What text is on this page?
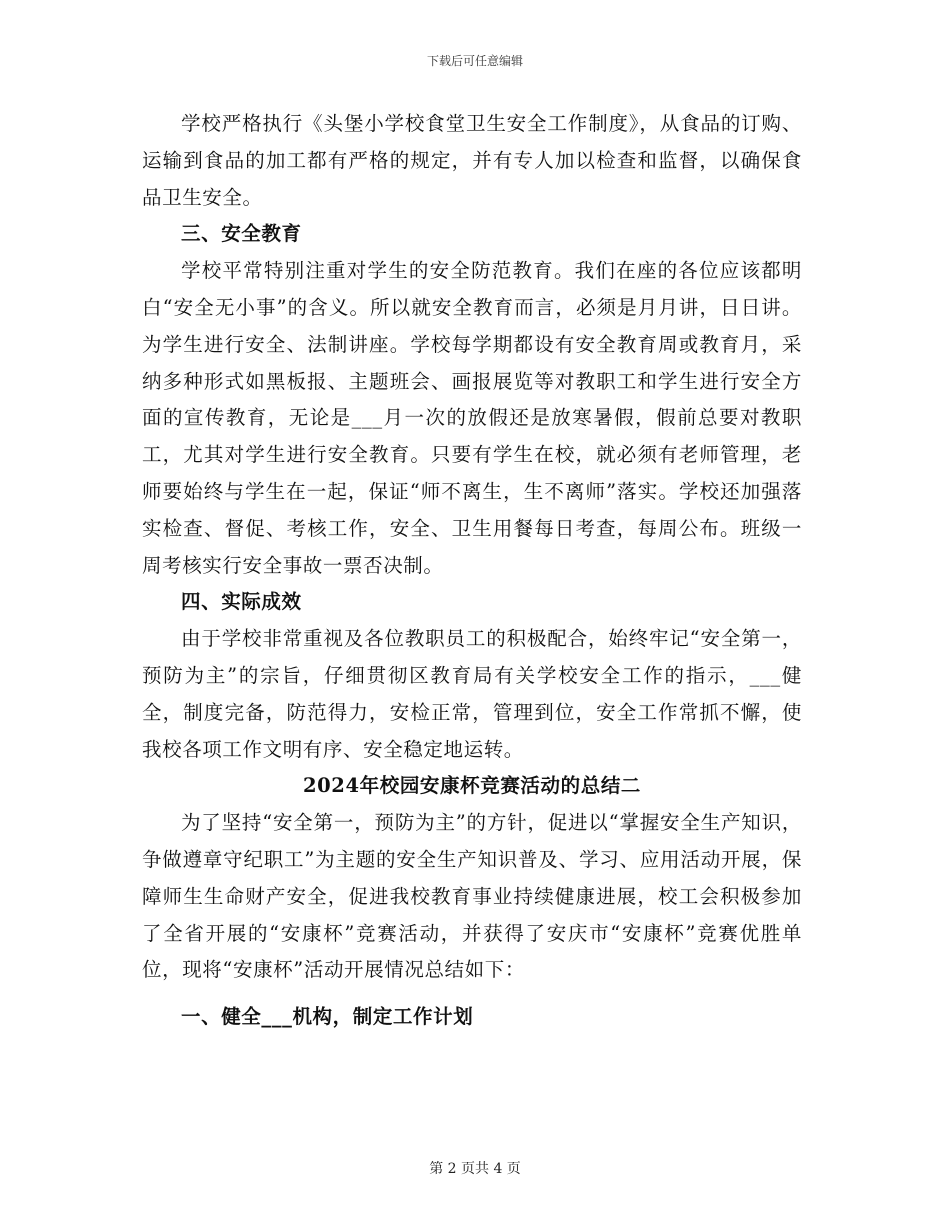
下载后可任意编辑

学校严格执行《头堡小学校食堂卫生安全工作制度》，从食品的订购、运输到食品的加工都有严格的规定，并有专人加以检查和监督，以确保食品卫生安全。

三、安全教育

学校平常特别注重对学生的安全防范教育。我们在座的各位应该都明白“安全无小事”的含义。所以就安全教育而言，必须是月月讲，日日讲。为学生进行安全、法制讲座。学校每学期都设有安全教育周或教育月，采纳多种形式如黑板报、主题班会、画报展览等对教职工和学生进行安全方面的宣传教育，无论是___月一次的放假还是放寒暑假，假前总要对教职工，尤其对学生进行安全教育。只要有学生在校，就必须有老师管理，老师要始终与学生在一起，保证“师不离生，生不离师”落实。学校还加强落实检查、督促、考核工作，安全、卫生用餐每日考查，每周公布。班级一周考核实行安全事故一票否决制。

四、实际成效

由于学校非常重视及各位教职员工的积极配合，始终牢记“安全第一，预防为主”的宗旨，仔细贯彻区教育局有关学校安全工作的指示，___健全，制度完备，防范得力，安检正常，管理到位，安全工作常抓不懈，使我校各项工作文明有序、安全稳定地运转。

2024年校园安康杯竞赛活动的总结二

为了坚持“安全第一，预防为主”的方针，促进以“掌握安全生产知识，争做遵章守纪职工”为主题的安全生产知识普及、学习、应用活动开展，保障师生生命财产安全，促进我校教育事业持续健康进展，校工会积极参加了全省开展的“安康杯”竞赛活动，并获得了安庆市“安康杯”竞赛优胜单位，现将“安康杯”活动开展情况总结如下：

一、健全___机构，制定工作计划

第 2 页共 4 页
